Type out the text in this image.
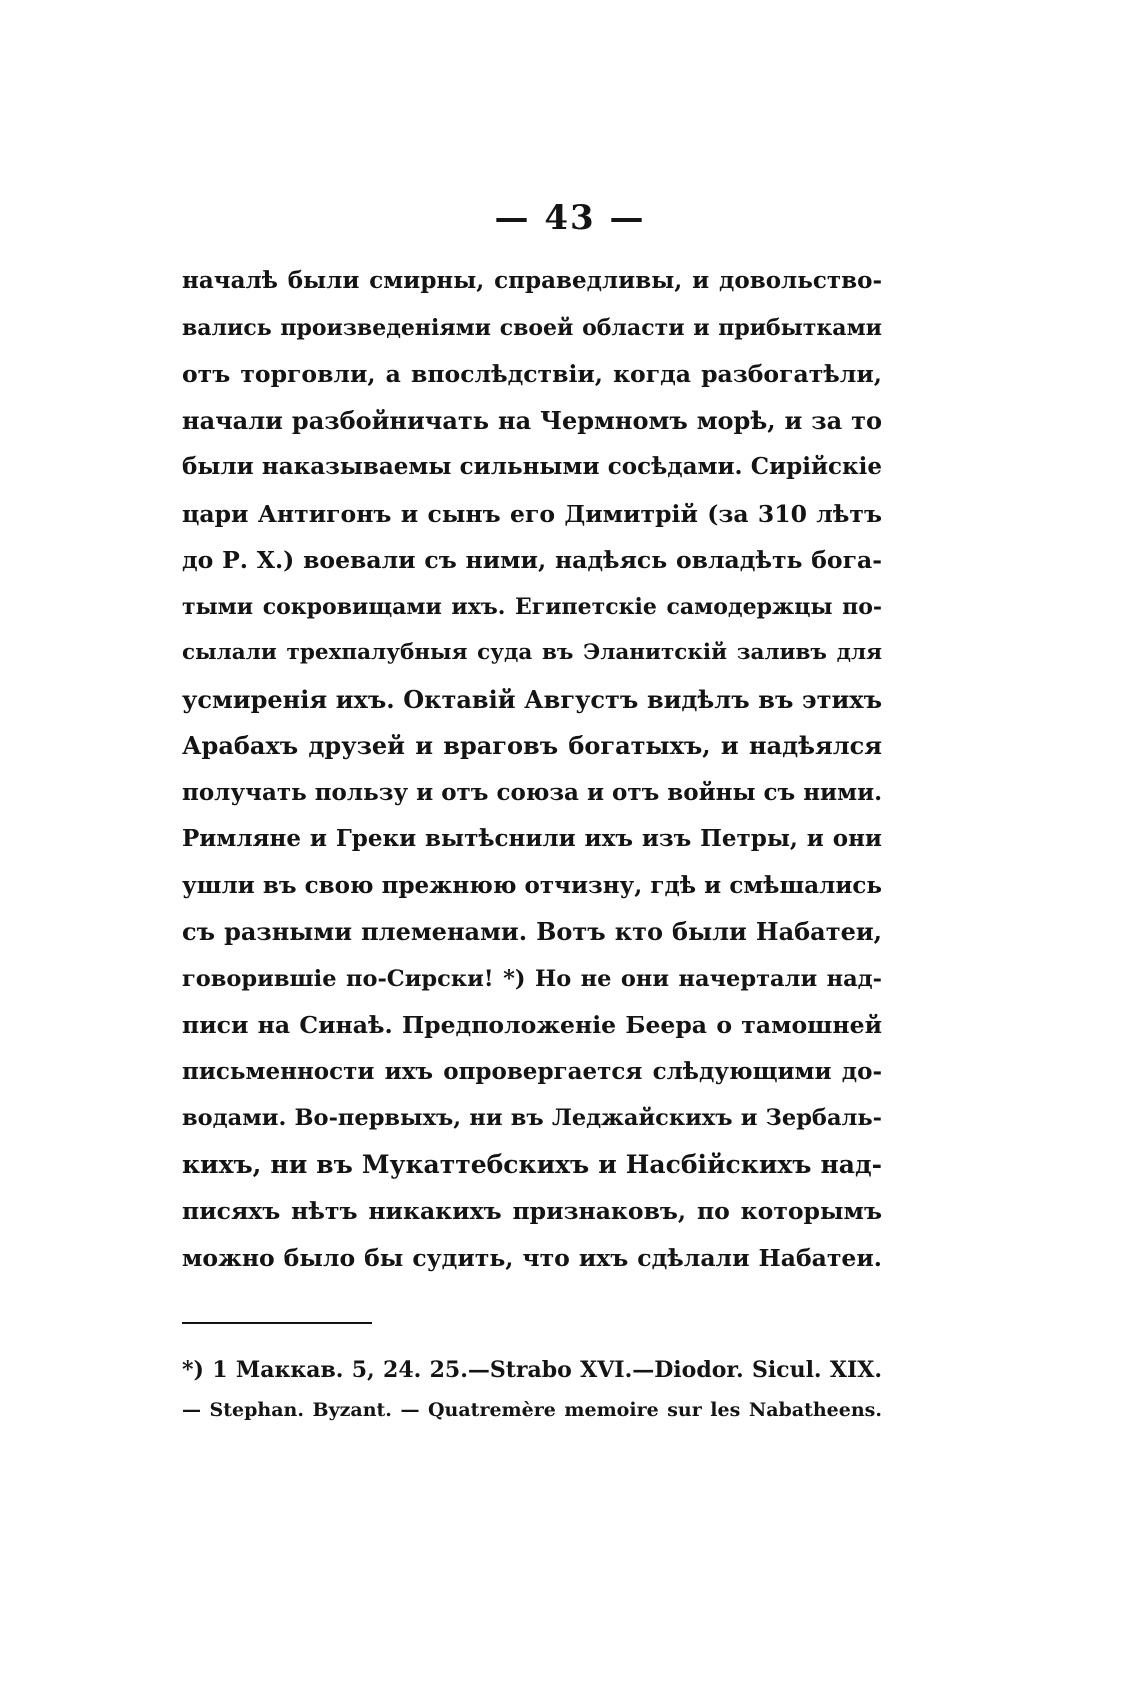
— 43 —
началѣ были смирны, справедливы, и довольство-
вались произведеніями своей области и прибытками
отъ торговли, а впослѣдствіи, когда разбогатѣли,
начали разбойничать на Чермномъ морѣ, и за то
были наказываемы сильными сосѣдами. Сирійскіе
цари Антигонъ и сынъ его Димитрій (за 310 лѣтъ
до Р. X.) воевали съ ними, надѣясь овладѣть бога-
тыми сокровищами ихъ. Египетскіе самодержцы по-
сылали трехпалубныя суда въ Эланитскій заливъ для
усмиренія ихъ. Октавій Августъ видѣлъ въ этихъ
Арабахъ друзей и враговъ богатыхъ, и надѣялся
получать пользу и отъ союза и отъ войны съ ними.
Римляне и Греки вытѣснили ихъ изъ Петры, и они
ушли въ свою прежнюю отчизну, гдѣ и смѣшались
съ разными племенами. Вотъ кто были Набатеи,
говорившіе по-Сирски! *) Но не они начертали над-
писи на Синаѣ. Предположеніе Беера о тамошней
письменности ихъ опровергается слѣдующими до-
водами. Во-первыхъ, ни въ Леджайскихъ и Зербаль-
кихъ, ни въ Мукаттебскихъ и Насбійскихъ над-
писяхъ нѣтъ никакихъ признаковъ, по которымъ
можно было бы судить, что ихъ сдѣлали Набатеи.
*) 1 Маккав. 5, 24. 25.—Strabo XVI.—Diodor. Sicul. XIX.
— Stephan. Byzant. — Quatremère memoire sur les Nabatheens.
